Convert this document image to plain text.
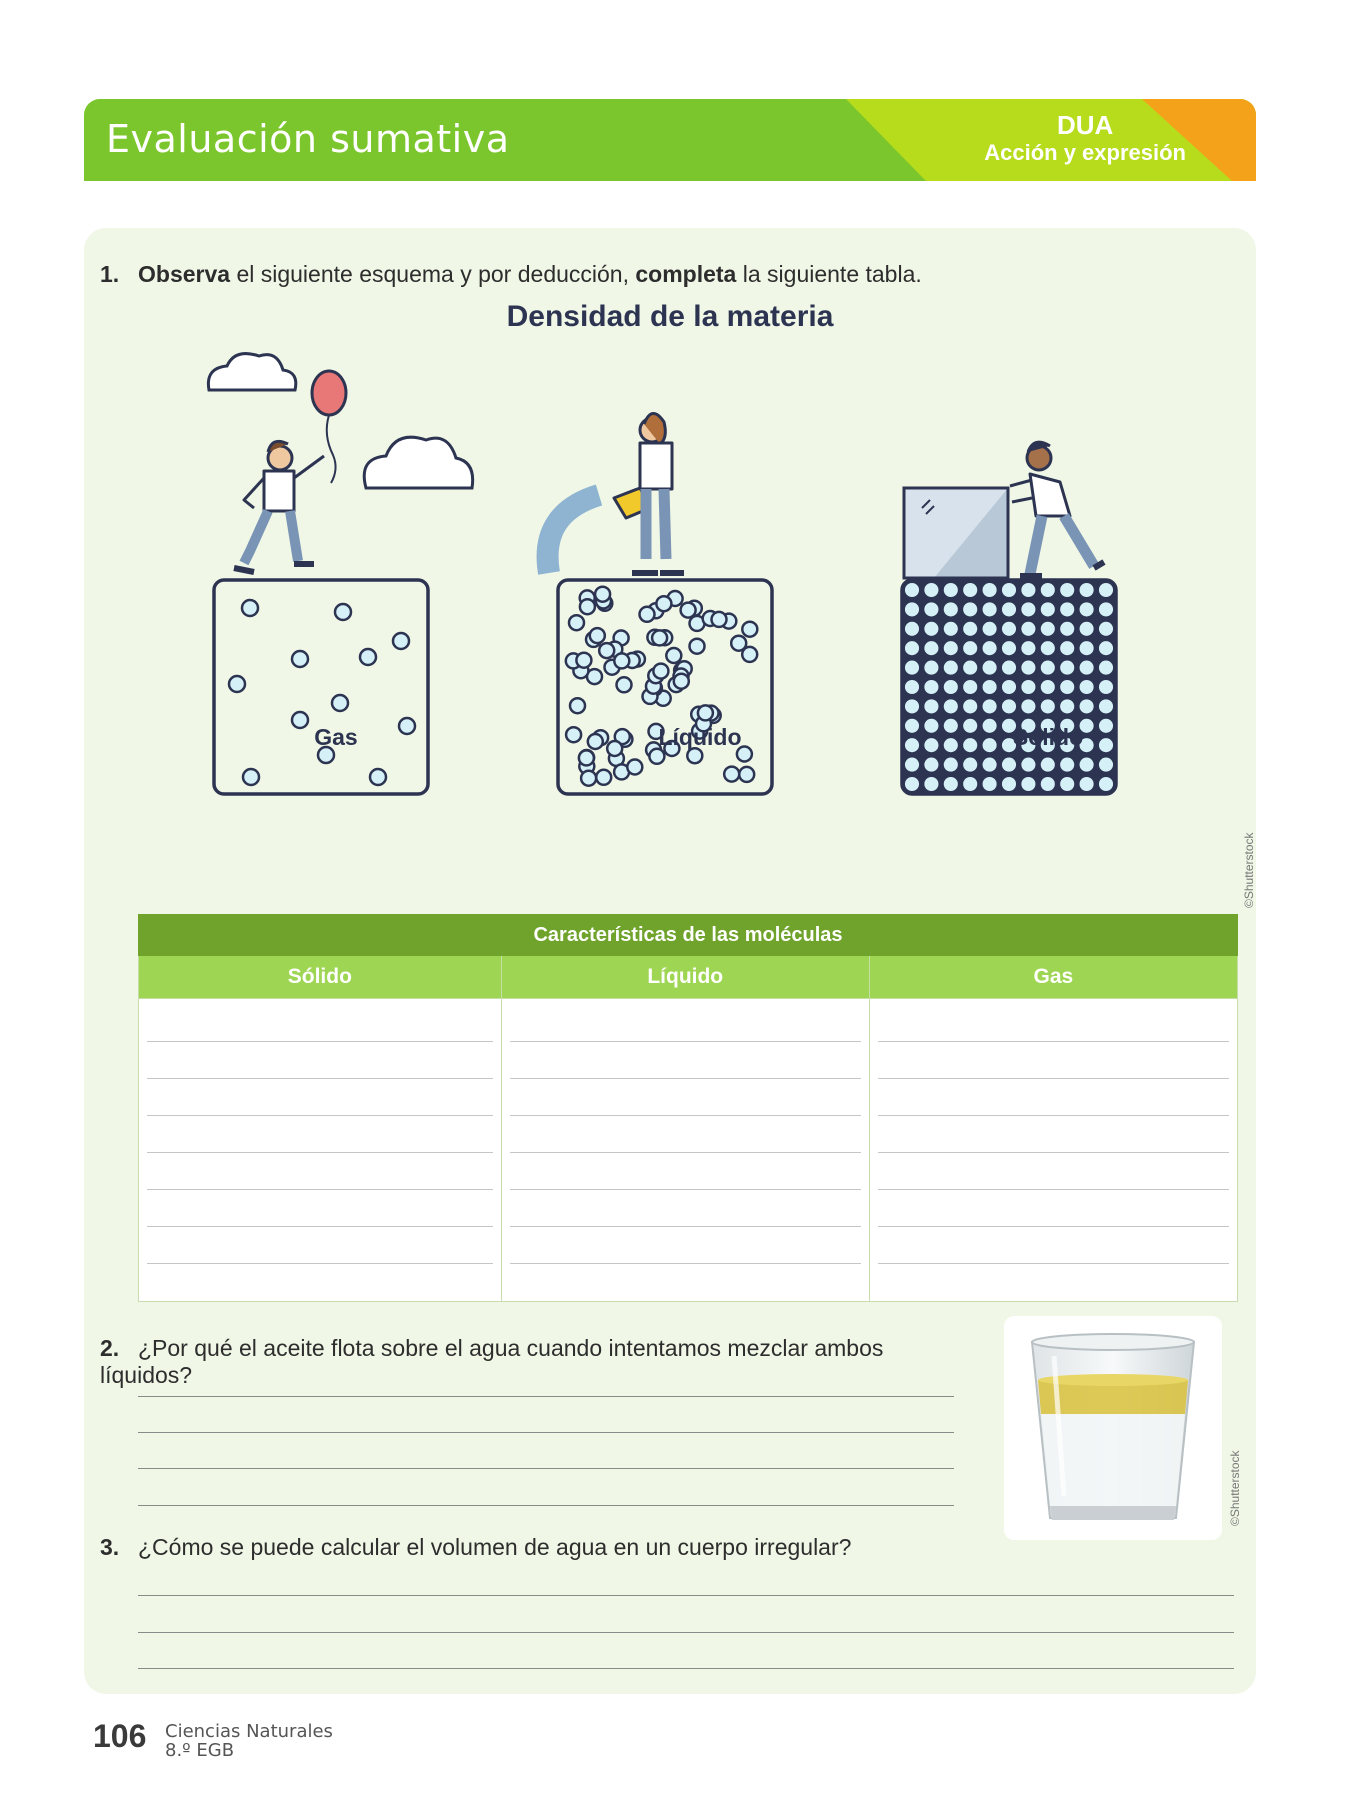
Evaluación sumativa	DUA
Acción y expresión
1. Observa el siguiente esquema y por deducción, completa la siguiente tabla.
Densidad de la materia
Gas	Líquido	Sólido
©Shutterstock
Características de las moléculas		
Sólido	Líquido	Gas

2. ¿Por qué el aceite flota sobre el agua cuando intentamos mezclar ambos líquidos?
©Shutterstock
3. ¿Cómo se puede calcular el volumen de agua en un cuerpo irregular?
106 Ciencias Naturales
8.º EGB
